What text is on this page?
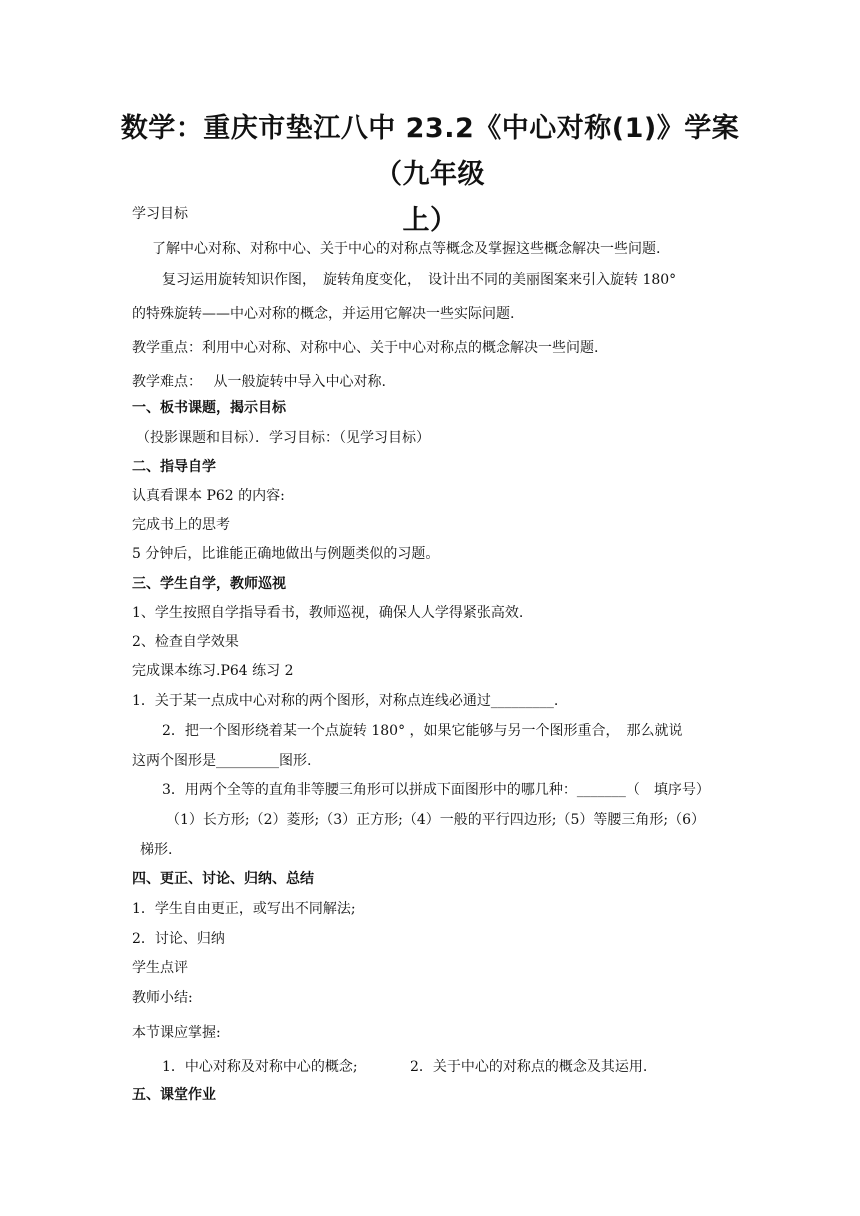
数学：重庆市垫江八中 23.2《中心对称(1)》学案（九年级
上）
学习目标
了解中心对称、对称中心、关于中心的对称点等概念及掌握这些概念解决一些问题.
复习运用旋转知识作图，　旋转角度变化，　设计出不同的美丽图案来引入旋转 180°
的特殊旋转——中心对称的概念，并运用它解决一些实际问题.
教学重点：利用中心对称、对称中心、关于中心对称点的概念解决一些问题.
教学难点：　 从一般旋转中导入中心对称.
一、板书课题，揭示目标
（投影课题和目标）．学习目标：（见学习目标）
二、指导自学
认真看课本 P62 的内容:
完成书上的思考
5 分钟后，比谁能正确地做出与例题类似的习题。
三、学生自学，教师巡视
1、学生按照自学指导看书，教师巡视，确保人人学得紧张高效.
2、检查自学效果
完成课本练习.P64 练习 2
1．关于某一点成中心对称的两个图形，对称点连线必通过_________.
2．把一个图形绕着某一个点旋转 180° ，如果它能够与另一个图形重合，　那么就说
这两个图形是_________图形.
3．用两个全等的直角非等腰三角形可以拼成下面图形中的哪几种：_______（　填序号）
（1）长方形;（2）菱形;（3）正方形;（4）一般的平行四边形;（5）等腰三角形;（6）
梯形.
四、更正、讨论、归纳、总结
1．学生自由更正，或写出不同解法;
2．讨论、归纳
学生点评
教师小结:
本节课应掌握:
1．中心对称及对称中心的概念;	2．关于中心的对称点的概念及其运用.
五、课堂作业
